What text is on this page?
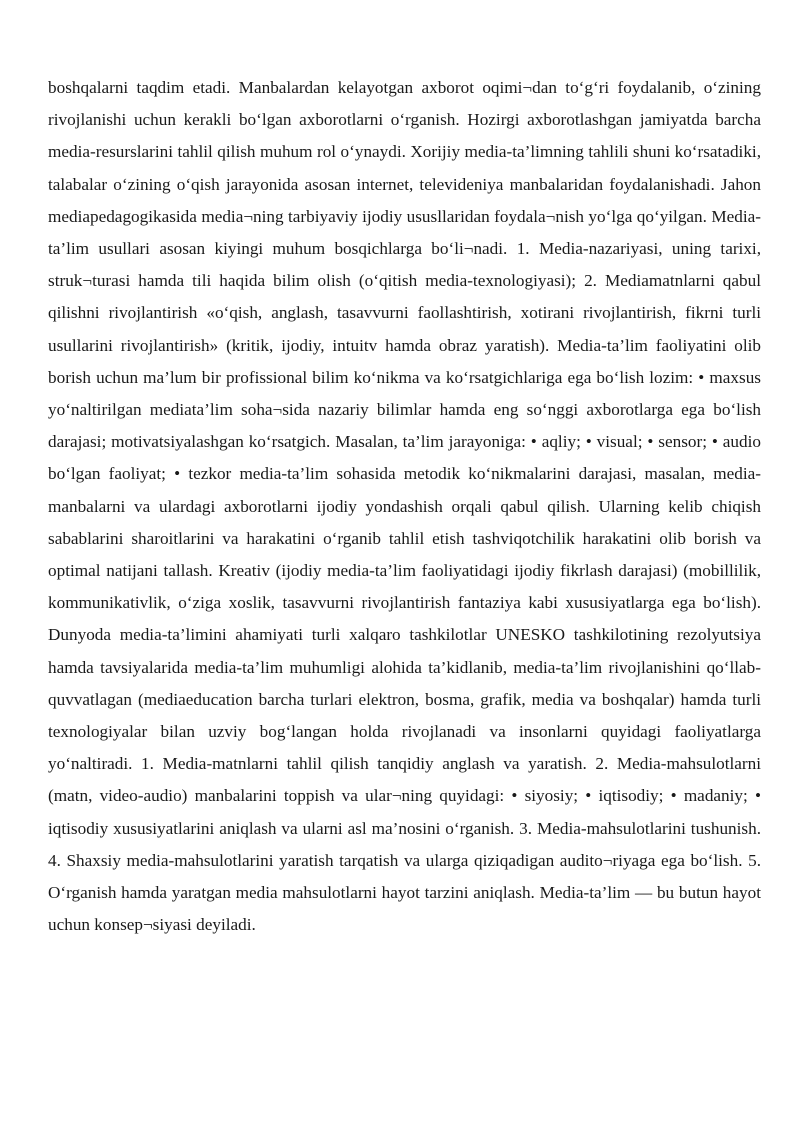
boshqalarni taqdim etadi. Manbalardan kelayotgan axborot oqimi¬dan to‘g‘ri foydalanib, o‘zining rivojlanishi uchun kerakli bo‘lgan axborotlarni o‘rganish. Hozirgi axborotlashgan jamiyatda barcha media-resurslarini tahlil qilish muhum rol o‘ynaydi. Xorijiy media-ta’limning tahlili shuni ko‘rsatadiki, talabalar o‘zining o‘qish jarayonida asosan internet, televideniya manbalaridan foydalanishadi. Jahon mediapedagogikasida media¬ning tarbiyaviy ijodiy ususllaridan foydala¬nish yo‘lga qo‘yilgan. Media-ta’lim usullari asosan kiyingi muhum bosqichlarga bo‘li¬nadi. 1. Media-nazariyasi, uning tarixi, struk¬turasi hamda tili haqida bilim olish (o‘qitish media-texnologiyasi); 2. Mediamatnlarni qabul qilishni rivojlantirish «o‘qish, anglash, tasavvurni faollashtirish, xotirani rivojlantirish, fikrni turli usullarini rivojlantirish» (kritik, ijodiy, intuitv hamda obraz yaratish). Media-ta’lim faoliyatini olib borish uchun ma’lum bir profissional bilim ko‘nikma va ko‘rsatgichlariga ega bo‘lish lozim: • maxsus yo‘naltirilgan mediata’lim soha¬sida nazariy bilimlar hamda eng so‘nggi axborotlarga ega bo‘lish darajasi; motivatsiyalashgan ko‘rsatgich. Masalan, ta’lim jarayoniga: • aqliy; • visual; • sensor; • audio bo‘lgan faoliyat; • tezkor media-ta’lim sohasida metodik ko‘nikmalarini darajasi, masalan, media-manbalarni va ulardagi axborotlarni ijodiy yondashish orqali qabul qilish. Ularning kelib chiqish sabablarini sharoitlarini va harakatini o‘rganib tahlil etish tashviqotchilik harakatini olib borish va optimal natijani tallash. Kreativ (ijodiy media-ta’lim faoliyatidagi ijodiy fikrlash darajasi) (mobillilik, kommunikativlik, o‘ziga xoslik, tasavvurni rivojlantirish fantaziya kabi xususiyatlarga ega bo‘lish). Dunyoda media-ta’limini ahamiyati turli xalqaro tashkilotlar UNESKO tashkilotining rezolyutsiya hamda tavsiyalarida media-ta’lim muhumligi alohida ta’kidlanib, media-ta’lim rivojlanishini qo‘llab-quvvatlagan (mediaeducation barcha turlari elektron, bosma, grafik, media va boshqalar) hamda turli texnologiyalar bilan uzviy bog‘langan holda rivojlanadi va insonlarni quyidagi faoliyatlarga yo‘naltiradi. 1. Media-matnlarni tahlil qilish tanqidiy anglash va yaratish. 2. Media-mahsulotlarni (matn, video-audio) manbalarini toppish va ular¬ning quyidagi: • siyosiy; • iqtisodiy; • madaniy; • iqtisodiy xususiyatlarini aniqlash va ularni asl ma’nosini o‘rganish. 3. Media-mahsulotlarini tushunish. 4. Shaxsiy media-mahsulotlarini yaratish tarqatish va ularga qiziqadigan audito¬riyaga ega bo‘lish. 5. O‘rganish hamda yaratgan media mahsulotlarni hayot tarzini aniqlash. Media-ta’lim — bu butun hayot uchun konsep¬siyasi deyiladi.
